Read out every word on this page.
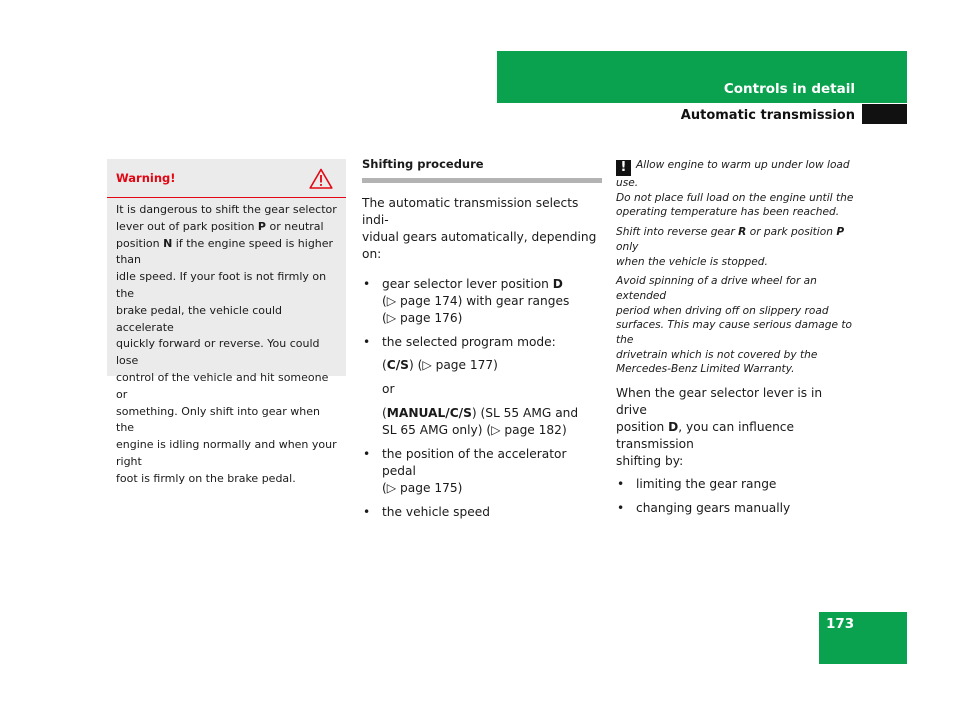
Controls in detail
Automatic transmission
Warning!
It is dangerous to shift the gear selector
lever out of park position P or neutral
position N if the engine speed is higher than
idle speed. If your foot is not firmly on the
brake pedal, the vehicle could accelerate
quickly forward or reverse. You could lose
control of the vehicle and hit someone or
something. Only shift into gear when the
engine is idling normally and when your right
foot is firmly on the brake pedal.

Shifting procedure

The automatic transmission selects indi-
vidual gears automatically, depending on:
• gear selector lever position D
(▷ page 174) with gear ranges
(▷ page 176)
• the selected program mode:
(C/S) (▷ page 177)
or
(MANUAL/C/S) (SL 55 AMG and
SL 65 AMG only) (▷ page 182)
• the position of the accelerator pedal
(▷ page 175)
• the vehicle speed
! Allow engine to warm up under low load use.
Do not place full load on the engine until the
operating temperature has been reached.
Shift into reverse gear R or park position P only
when the vehicle is stopped.
Avoid spinning of a drive wheel for an extended
period when driving off on slippery road
surfaces. This may cause serious damage to the
drivetrain which is not covered by the
Mercedes-Benz Limited Warranty.
When the gear selector lever is in drive
position D, you can influence transmission
shifting by:
• limiting the gear range
• changing gears manually
173
